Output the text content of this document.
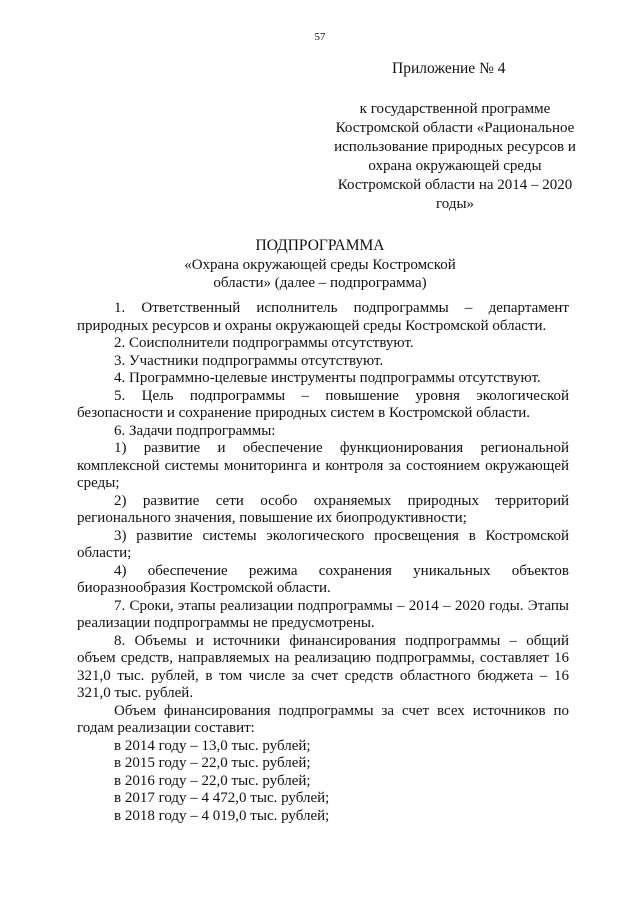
57
Приложение № 4
к государственной программе Костромской области «Рациональное использование природных ресурсов и охрана окружающей среды Костромской области на 2014 – 2020 годы»
ПОДПРОГРАММА
«Охрана окружающей среды Костромской области» (далее – подпрограмма)

1. Ответственный исполнитель подпрограммы – департамент природных ресурсов и охраны окружающей среды Костромской области.

2. Соисполнители подпрограммы отсутствуют.

3. Участники подпрограммы отсутствуют.

4. Программно-целевые инструменты подпрограммы отсутствуют.

5. Цель подпрограммы – повышение уровня экологической безопасности и сохранение природных систем в Костромской области.

6. Задачи подпрограммы:

1) развитие и обеспечение функционирования региональной комплексной системы мониторинга и контроля за состоянием окружающей среды;

2) развитие сети особо охраняемых природных территорий регионального значения, повышение их биопродуктивности;

3) развитие системы экологического просвещения в Костромской области;

4) обеспечение режима сохранения уникальных объектов биоразнообразия Костромской области.

7. Сроки, этапы реализации подпрограммы – 2014 – 2020 годы. Этапы реализации подпрограммы не предусмотрены.

8. Объемы и источники финансирования подпрограммы – общий объем средств, направляемых на реализацию подпрограммы, составляет 16 321,0 тыс. рублей, в том числе за счет средств областного бюджета – 16 321,0 тыс. рублей.

Объем финансирования подпрограммы за счет всех источников по годам реализации составит:

в 2014 году – 13,0 тыс. рублей;

в 2015 году – 22,0 тыс. рублей;

в 2016 году – 22,0 тыс. рублей;

в 2017 году – 4 472,0 тыс. рублей;

в 2018 году – 4 019,0 тыс. рублей;
